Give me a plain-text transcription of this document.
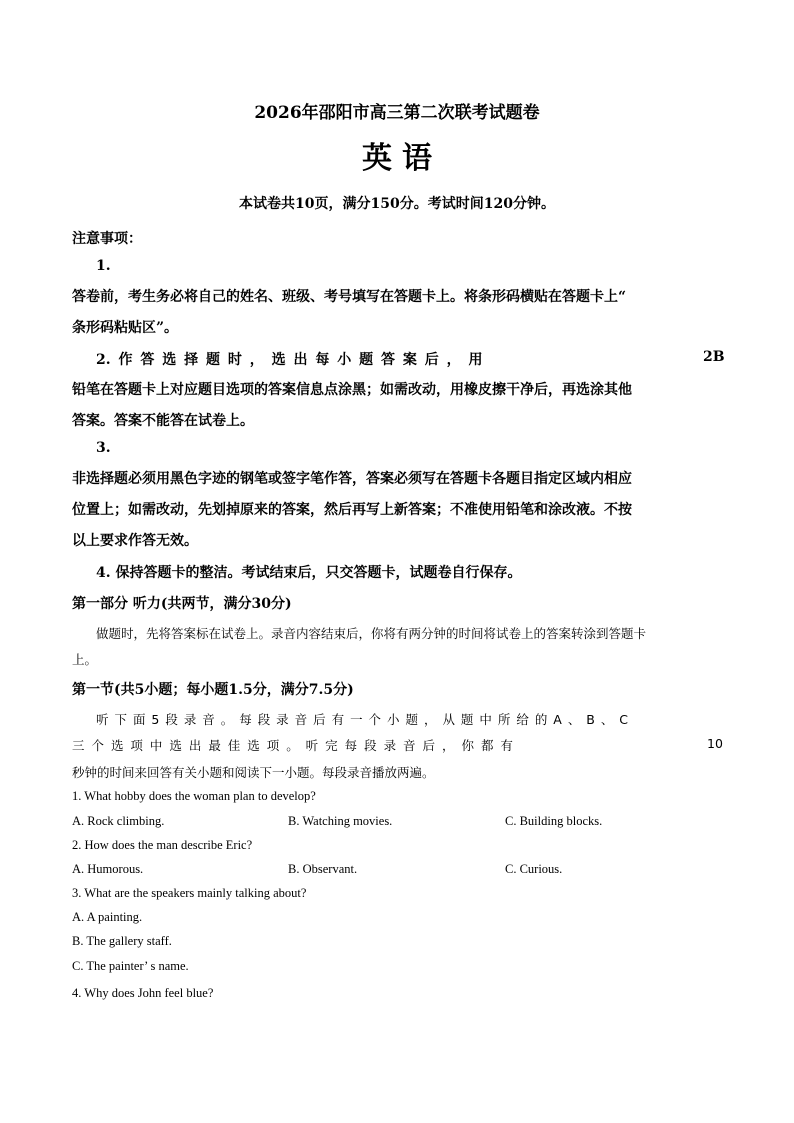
2026年邵阳市高三第二次联考试题卷
英语
本试卷共10页，满分150分。考试时间120分钟。
注意事项：
1.
答卷前，考生务必将自己的姓名、班级、考号填写在答题卡上。将条形码横贴在答题卡上“
条形码粘贴区”。
2. 作 答 选 择 题 时 ， 选 出 每 小 题 答 案 后 ， 用	2B
铅笔在答题卡上对应题目选项的答案信息点涂黑；如需改动，用橡皮擦干净后，再选涂其他
答案。答案不能答在试卷上。
3.
非选择题必须用黑色字迹的钢笔或签字笔作答，答案必须写在答题卡各题目指定区域内相应
位置上；如需改动，先划掉原来的答案，然后再写上新答案；不准使用铅笔和涂改液。不按
以上要求作答无效。
4. 保持答题卡的整洁。考试结束后，只交答题卡，试题卷自行保存。
第一部分 听力(共两节，满分30分)
做题时，先将答案标在试卷上。录音内容结束后，你将有两分钟的时间将试卷上的答案转涂到答题卡
上。
第一节(共5小题；每小题1.5分，满分7.5分)
听 下 面 5 段 录 音 。 每 段 录 音 后 有 一 个 小 题 ， 从 题 中 所 给 的 A 、 B 、 C
三 个 选 项 中 选 出 最 佳 选 项 。 听 完 每 段 录 音 后 ， 你 都 有	10
秒钟的时间来回答有关小题和阅读下一小题。每段录音播放两遍。
1. What hobby does the woman plan to develop?
A. Rock climbing.	B. Watching movies.	C. Building blocks.
2. How does the man describe Eric?
A. Humorous.	B. Observant.	C. Curious.
3. What are the speakers mainly talking about?
A. A painting.
B. The gallery staff.
C. The painter’ s name.
4. Why does John feel blue?
